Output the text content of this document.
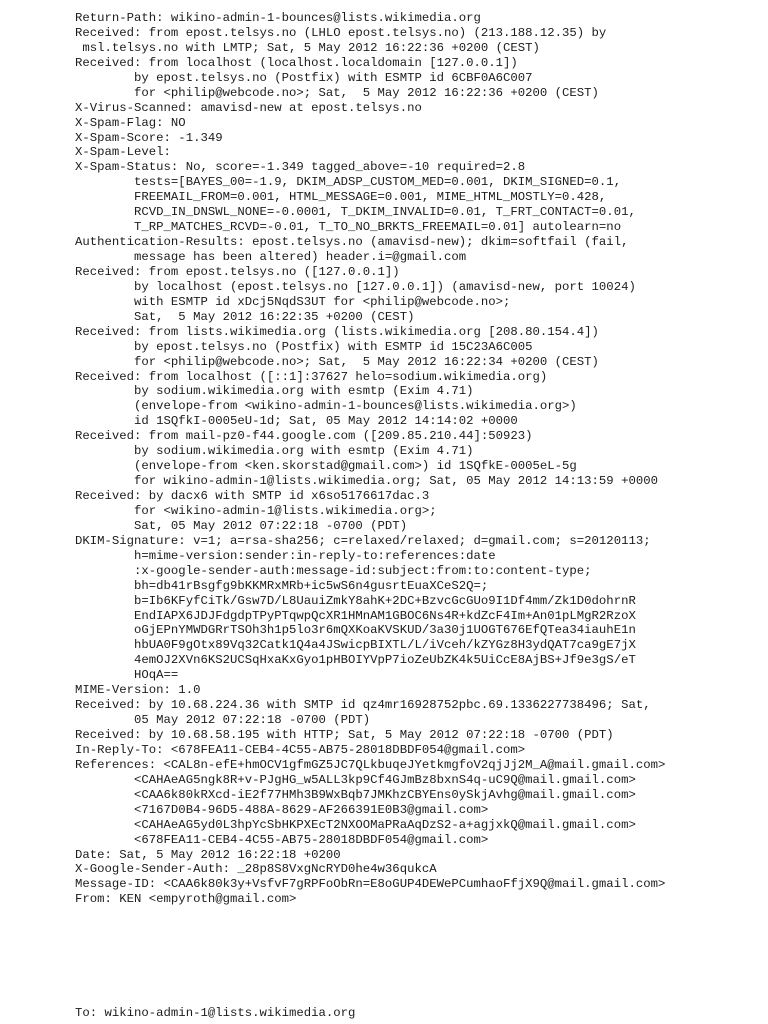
Return-Path: wikino-admin-1-bounces@lists.wikimedia.org
Received: from epost.telsys.no (LHLO epost.telsys.no) (213.188.12.35) by
msl.telsys.no with LMTP; Sat, 5 May 2012 16:22:36 +0200 (CEST)
Received: from localhost (localhost.localdomain [127.0.0.1])
by epost.telsys.no (Postfix) with ESMTP id 6CBF0A6C007
for <philip@webcode.no>; Sat,  5 May 2012 16:22:36 +0200 (CEST)
X-Virus-Scanned: amavisd-new at epost.telsys.no
X-Spam-Flag: NO
X-Spam-Score: -1.349
X-Spam-Level:
X-Spam-Status: No, score=-1.349 tagged_above=-10 required=2.8
tests=[BAYES_00=-1.9, DKIM_ADSP_CUSTOM_MED=0.001, DKIM_SIGNED=0.1,
FREEMAIL_FROM=0.001, HTML_MESSAGE=0.001, MIME_HTML_MOSTLY=0.428,
RCVD_IN_DNSWL_NONE=-0.0001, T_DKIM_INVALID=0.01, T_FRT_CONTACT=0.01,
T_RP_MATCHES_RCVD=-0.01, T_TO_NO_BRKTS_FREEMAIL=0.01] autolearn=no
Authentication-Results: epost.telsys.no (amavisd-new); dkim=softfail (fail,
message has been altered) header.i=@gmail.com
Received: from epost.telsys.no ([127.0.0.1])
by localhost (epost.telsys.no [127.0.0.1]) (amavisd-new, port 10024)
with ESMTP id xDcj5NqdS3UT for <philip@webcode.no>;
Sat,  5 May 2012 16:22:35 +0200 (CEST)
Received: from lists.wikimedia.org (lists.wikimedia.org [208.80.154.4])
by epost.telsys.no (Postfix) with ESMTP id 15C23A6C005
for <philip@webcode.no>; Sat,  5 May 2012 16:22:34 +0200 (CEST)
Received: from localhost ([::1]:37627 helo=sodium.wikimedia.org)
by sodium.wikimedia.org with esmtp (Exim 4.71)
(envelope-from <wikino-admin-1-bounces@lists.wikimedia.org>)
id 1SQfkI-0005eU-1d; Sat, 05 May 2012 14:14:02 +0000
Received: from mail-pz0-f44.google.com ([209.85.210.44]:50923)
by sodium.wikimedia.org with esmtp (Exim 4.71)
(envelope-from <ken.skorstad@gmail.com>) id 1SQfkE-0005eL-5g
for wikino-admin-1@lists.wikimedia.org; Sat, 05 May 2012 14:13:59 +0000
Received: by dacx6 with SMTP id x6so5176617dac.3
for <wikino-admin-1@lists.wikimedia.org>;
Sat, 05 May 2012 07:22:18 -0700 (PDT)
DKIM-Signature: v=1; a=rsa-sha256; c=relaxed/relaxed; d=gmail.com; s=20120113;
h=mime-version:sender:in-reply-to:references:date
:x-google-sender-auth:message-id:subject:from:to:content-type;
bh=db41rBsgfg9bKKMRxMRb+ic5wS6n4gusrtEuaXCeS2Q=;
b=Ib6KFyfCiTk/Gsw7D/L8UauiZmkY8ahK+2DC+BzvcGcGUo9I1Df4mm/Zk1D0dohrnR
EndIAPX6JDJFdgdpTPyPTqwpQcXR1HMnAM1GBOC6Ns4R+kdZcF4Im+An01pLMgR2RzoX
oGjEPnYMWDGRrTSOh3h1p5lo3r6mQXKoaKVSKUD/3a30j1UOGT676EfQTea34iauhE1n
hbUA0F9gOtx89Vq32Catk1Q4a4JSwicpBIXTL/L/iVceh/kZYGz8H3ydQAT7ca9gE7jX
4emOJ2XVn6KS2UCSqHxaKxGyo1pHBOIYVpP7ioZeUbZK4k5UiCcE8AjBS+Jf9e3gS/eT
HOqA==
MIME-Version: 1.0
Received: by 10.68.224.36 with SMTP id qz4mr16928752pbc.69.1336227738496; Sat,
05 May 2012 07:22:18 -0700 (PDT)
Received: by 10.68.58.195 with HTTP; Sat, 5 May 2012 07:22:18 -0700 (PDT)
In-Reply-To: <678FEA11-CEB4-4C55-AB75-28018DBDF054@gmail.com>
References: <CAL8n-efE+hmOCV1gfmGZ5JC7QLkbuqeJYetkmgfoV2qjJj2M_A@mail.gmail.com>
<CAHAeAG5ngk8R+v-PJgHG_w5ALL3kp9Cf4GJmBz8bxnS4q-uC9Q@mail.gmail.com>
<CAA6k80kRXcd-iE2f77HMh3B9WxBqb7JMKhzCBYEns0ySkjAvhg@mail.gmail.com>
<7167D0B4-96D5-488A-8629-AF266391E0B3@gmail.com>
<CAHAeAG5yd0L3hpYcSbHKPXEcT2NXOOMaPRaAqDzS2-a+agjxkQ@mail.gmail.com>
<678FEA11-CEB4-4C55-AB75-28018DBDF054@gmail.com>
Date: Sat, 5 May 2012 16:22:18 +0200
X-Google-Sender-Auth: _28p8S8VxgNcRYD0he4w36qukcA
Message-ID: <CAA6k80k3y+VsfvF7gRPFoObRn=E8oGUP4DEWePCumhaoFfjX9Q@mail.gmail.com>
From: KEN <empyroth@gmail.com>
To: wikino-admin-1@lists.wikimedia.org
